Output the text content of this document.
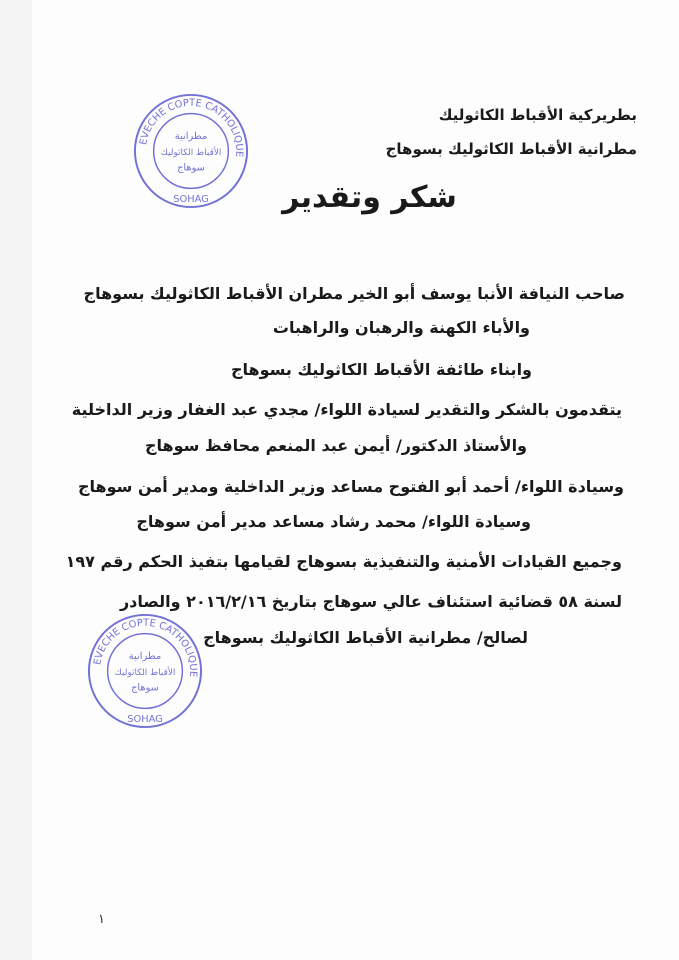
بطريركية الأقباط الكاثوليك
مطرانية الأقباط الكاثوليك بسوهاج
شكر وتقدير
صاحب النيافة الأنبا يوسف أبو الخير مطران الأقباط الكاثوليك بسوهاج
والأباء الكهنة والرهبان والراهبات
وابناء طائفة الأقباط الكاثوليك بسوهاج
يتقدمون بالشكر والتقدير لسيادة اللواء/ مجدي عبد الغفار وزير الداخلية
والأستاذ الدكتور/ أيمن عبد المنعم محافظ سوهاج
وسيادة اللواء/ أحمد أبو الفتوح مساعد وزير الداخلية ومدير أمن سوهاج
وسيادة اللواء/ محمد رشاد مساعد مدير أمن سوهاج
وجميع القيادات الأمنية والتنفيذية بسوهاج لقيامها بتفيذ الحكم رقم ١٩٧
لسنة ٥٨ قضائية استئناف عالي سوهاج بتاريخ ٢٠١٦/٢/١٦ والصادر
لصالح/ مطرانية الأقباط الكاثوليك بسوهاج
EVECHE COPTE CATHOLIQUE
SOHAG
مطرانية
الأقباط الكاثوليك
سوهاج
EVECHE COPTE CATHOLIQUE
SOHAG
مطرانية
الأقباط الكاثوليك
سوهاج
١
